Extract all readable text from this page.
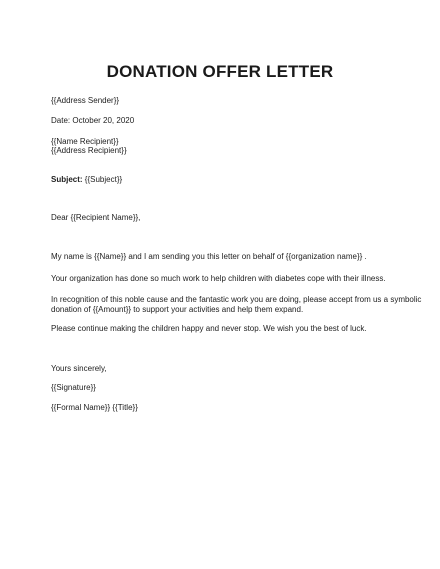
DONATION OFFER LETTER
{{Address Sender}}
Date: October 20, 2020
{{Name Recipient}}
{{Address Recipient}}
Subject: {{Subject}}
Dear {{Recipient Name}},
My name is {{Name}} and I am sending you this letter on behalf of {{organization name}} .
Your organization has done so much work to help children with diabetes cope with their illness.
In recognition of this noble cause and the fantastic work you are doing, please accept from us a symbolic
donation of {{Amount}} to support your activities and help them expand.
Please continue making the children happy and never stop. We wish you the best of luck.
Yours sincerely,
{{Signature}}
{{Formal Name}} {{Title}}
